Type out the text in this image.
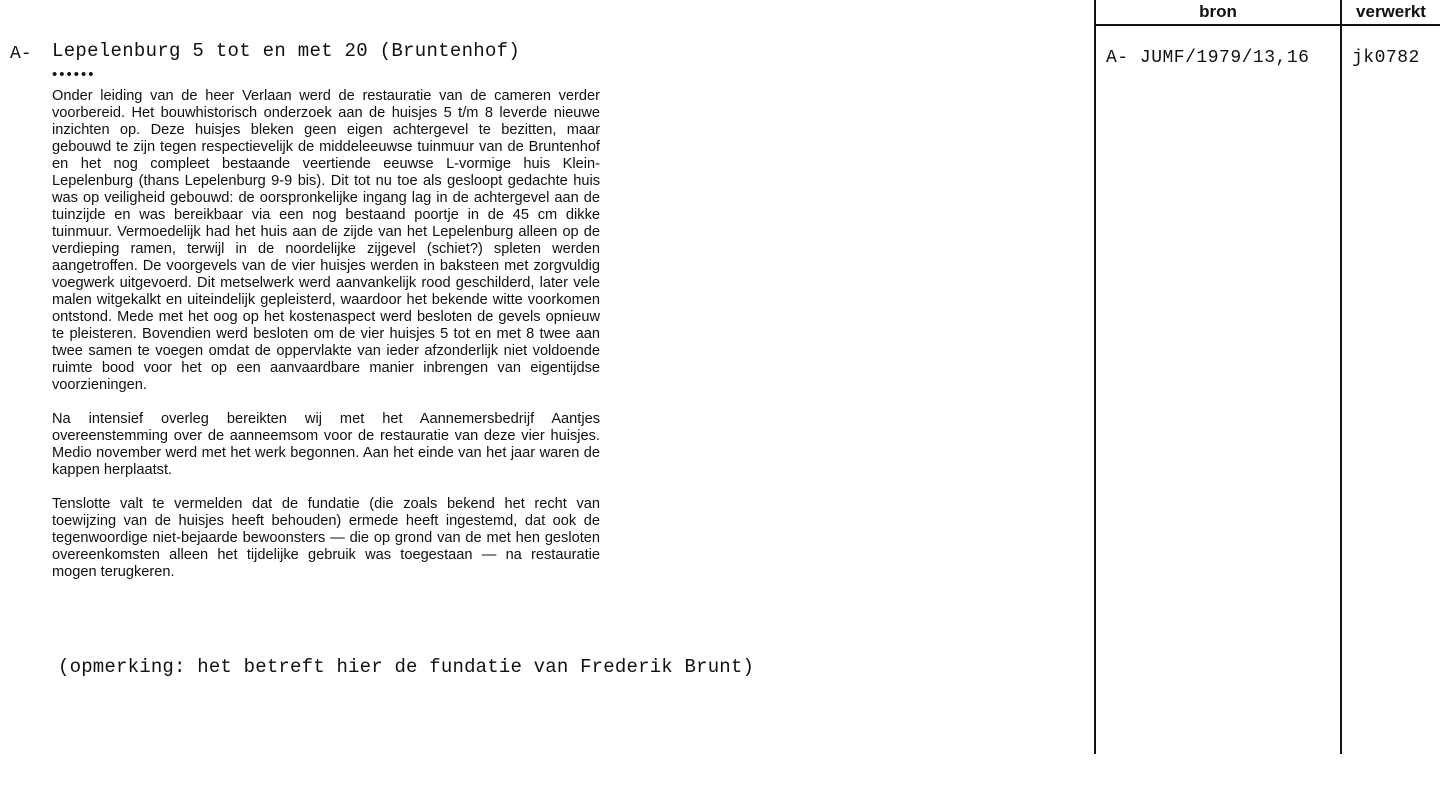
A- Lepelenburg 5 tot en met 20 (Bruntenhof)
••••••

Onder leiding van de heer Verlaan werd de restauratie van de cameren verder voorbereid. Het bouwhistorisch onderzoek aan de huisjes 5 t/m 8 leverde nieuwe inzichten op. Deze huisjes bleken geen eigen achtergevel te bezitten, maar gebouwd te zijn tegen respectievelijk de middeleeuwse tuinmuur van de Bruntenhof en het nog compleet bestaande veertiende eeuwse L-vormige huis Klein-Lepelenburg (thans Lepelenburg 9-9 bis). Dit tot nu toe als gesloopt gedachte huis was op veiligheid gebouwd: de oorspronkelijke ingang lag in de achtergevel aan de tuinzijde en was bereikbaar via een nog bestaand poortje in de 45 cm dikke tuinmuur. Vermoedelijk had het huis aan de zijde van het Lepelenburg alleen op de verdieping ramen, terwijl in de noordelijke zijgevel (schiet?) spleten werden aangetroffen. De voorgevels van de vier huisjes werden in baksteen met zorgvuldig voegwerk uitgevoerd. Dit metselwerk werd aanvankelijk rood geschilderd, later vele malen witgekalkt en uiteindelijk gepleisterd, waardoor het bekende witte voorkomen ontstond. Mede met het oog op het kostenaspect werd besloten de gevels opnieuw te pleisteren. Bovendien werd besloten om de vier huisjes 5 tot en met 8 twee aan twee samen te voegen omdat de oppervlakte van ieder afzonderlijk niet voldoende ruimte bood voor het op een aanvaardbare manier inbrengen van eigentijdse voorzieningen.

Na intensief overleg bereikten wij met het Aannemersbedrijf Aantjes overeenstemming over de aanneemsom voor de restauratie van deze vier huisjes. Medio november werd met het werk begonnen. Aan het einde van het jaar waren de kappen herplaatst.

Tenslotte valt te vermelden dat de fundatie (die zoals bekend het recht van toewijzing van de huisjes heeft behouden) ermede heeft ingestemd, dat ook de tegenwoordige niet-bejaarde bewoonsters — die op grond van de met hen gesloten overeenkomsten alleen het tijdelijke gebruik was toegestaan — na restauratie mogen terugkeren.

(opmerking: het betreft hier de fundatie van Frederik Brunt)
bron	verwerkt
A- JUMF/1979/13,16 jk0782
